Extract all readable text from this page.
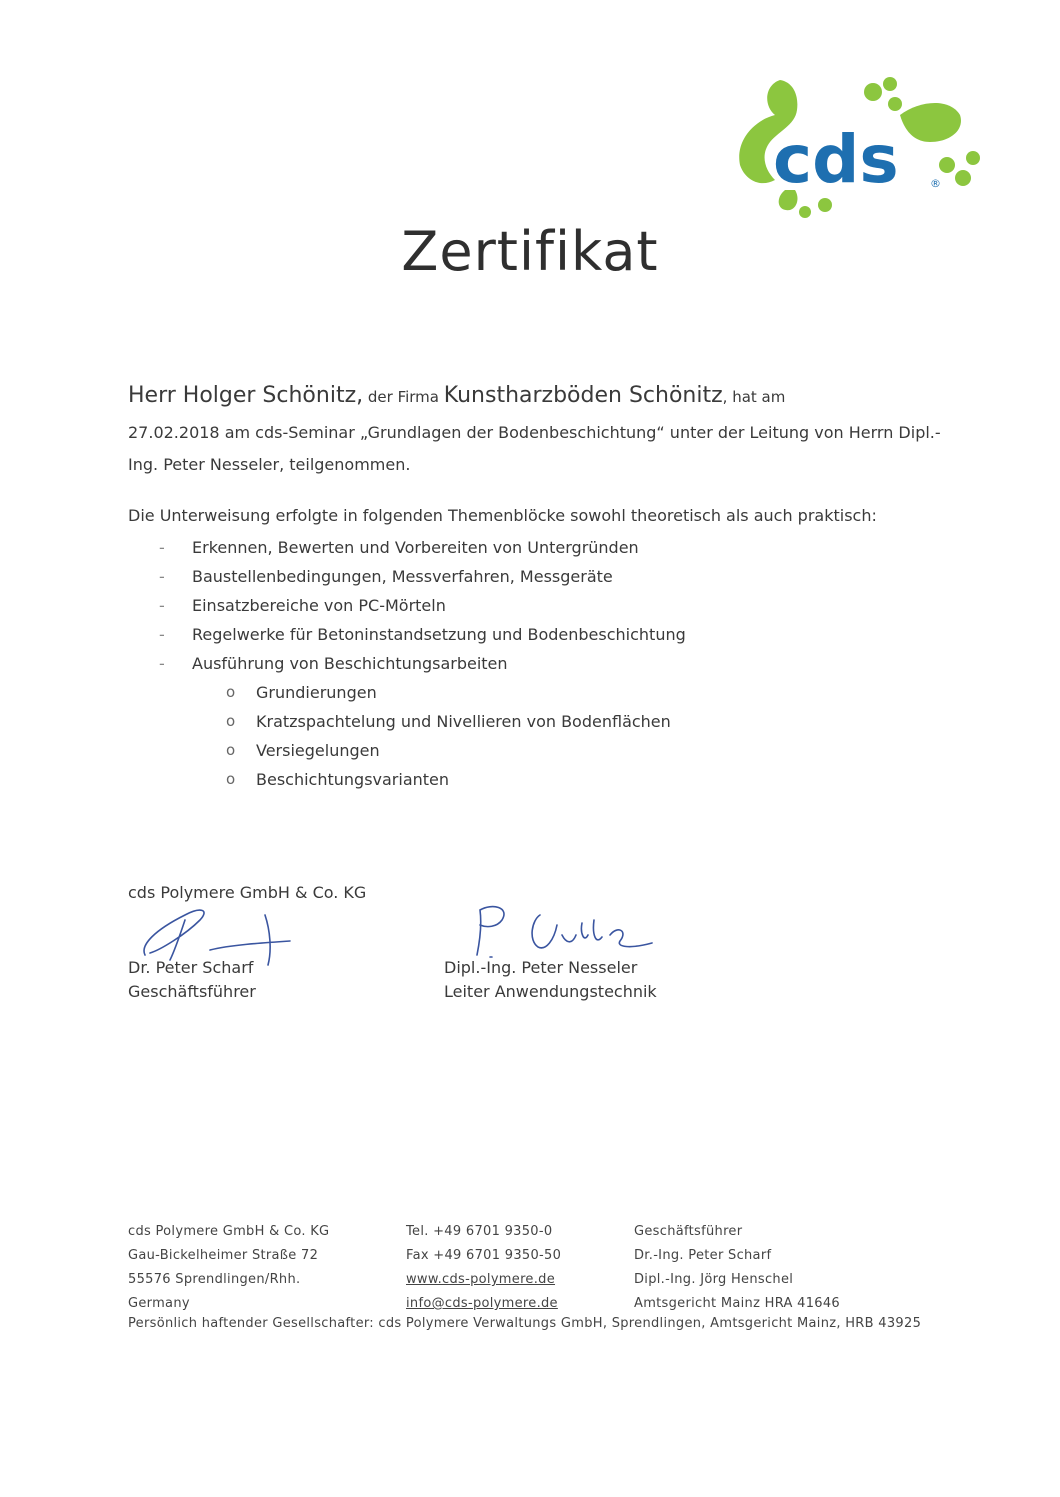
cds	®
Zertifikat
Herr Holger Schönitz, der Firma Kunstharzböden Schönitz, hat am
27.02.2018 am cds-Seminar „Grundlagen der Bodenbeschichtung“ unter der Leitung von Herrn Dipl.-
Ing. Peter Nesseler, teilgenommen.
Die Unterweisung erfolgte in folgenden Themenblöcke sowohl theoretisch als auch praktisch:
- Erkennen, Bewerten und Vorbereiten von Untergründen
- Baustellenbedingungen, Messverfahren, Messgeräte
- Einsatzbereiche von PC-Mörteln
- Regelwerke für Betoninstandsetzung und Bodenbeschichtung
- Ausführung von Beschichtungsarbeiten
o Grundierungen
o Kratzspachtelung und Nivellieren von Bodenflächen
o Versiegelungen
o Beschichtungsvarianten
cds Polymere GmbH & Co. KG
Dr. Peter Scharf
Geschäftsführer
Dipl.-Ing. Peter Nesseler
Leiter Anwendungstechnik
cds Polymere GmbH & Co. KG
Gau-Bickelheimer Straße 72
55576 Sprendlingen/Rhh.
Germany
Tel. +49 6701 9350-0
Fax +49 6701 9350-50
www.cds-polymere.de
info@cds-polymere.de
Geschäftsführer
Dr.-Ing. Peter Scharf
Dipl.-Ing. Jörg Henschel
Amtsgericht Mainz HRA 41646
Persönlich haftender Gesellschafter: cds Polymere Verwaltungs GmbH, Sprendlingen, Amtsgericht Mainz, HRB 43925
